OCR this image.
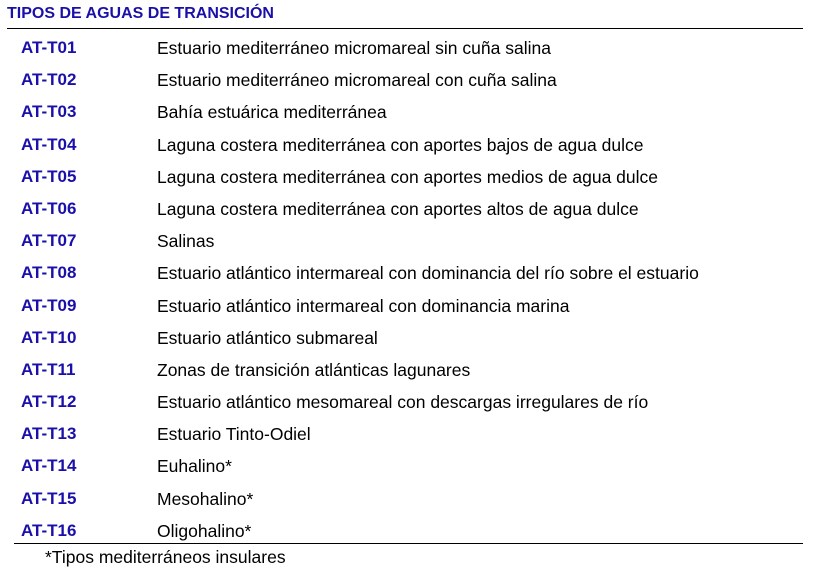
TIPOS DE AGUAS DE TRANSICIÓN
AT-T01	Estuario mediterráneo micromareal sin cuña salina
AT-T02	Estuario mediterráneo micromareal con cuña salina
AT-T03	Bahía estuárica mediterránea
AT-T04	Laguna costera mediterránea con aportes bajos de agua dulce
AT-T05	Laguna costera mediterránea con aportes medios de agua dulce
AT-T06	Laguna costera mediterránea con aportes altos de agua dulce
AT-T07	Salinas
AT-T08	Estuario atlántico intermareal con dominancia del río sobre el estuario
AT-T09	Estuario atlántico intermareal con dominancia marina
AT-T10	Estuario atlántico submareal
AT-T11	Zonas de transición atlánticas lagunares
AT-T12	Estuario atlántico mesomareal con descargas irregulares de río
AT-T13	Estuario Tinto-Odiel
AT-T14	Euhalino*
AT-T15	Mesohalino*
AT-T16	Oligohalino*
*Tipos mediterráneos insulares
